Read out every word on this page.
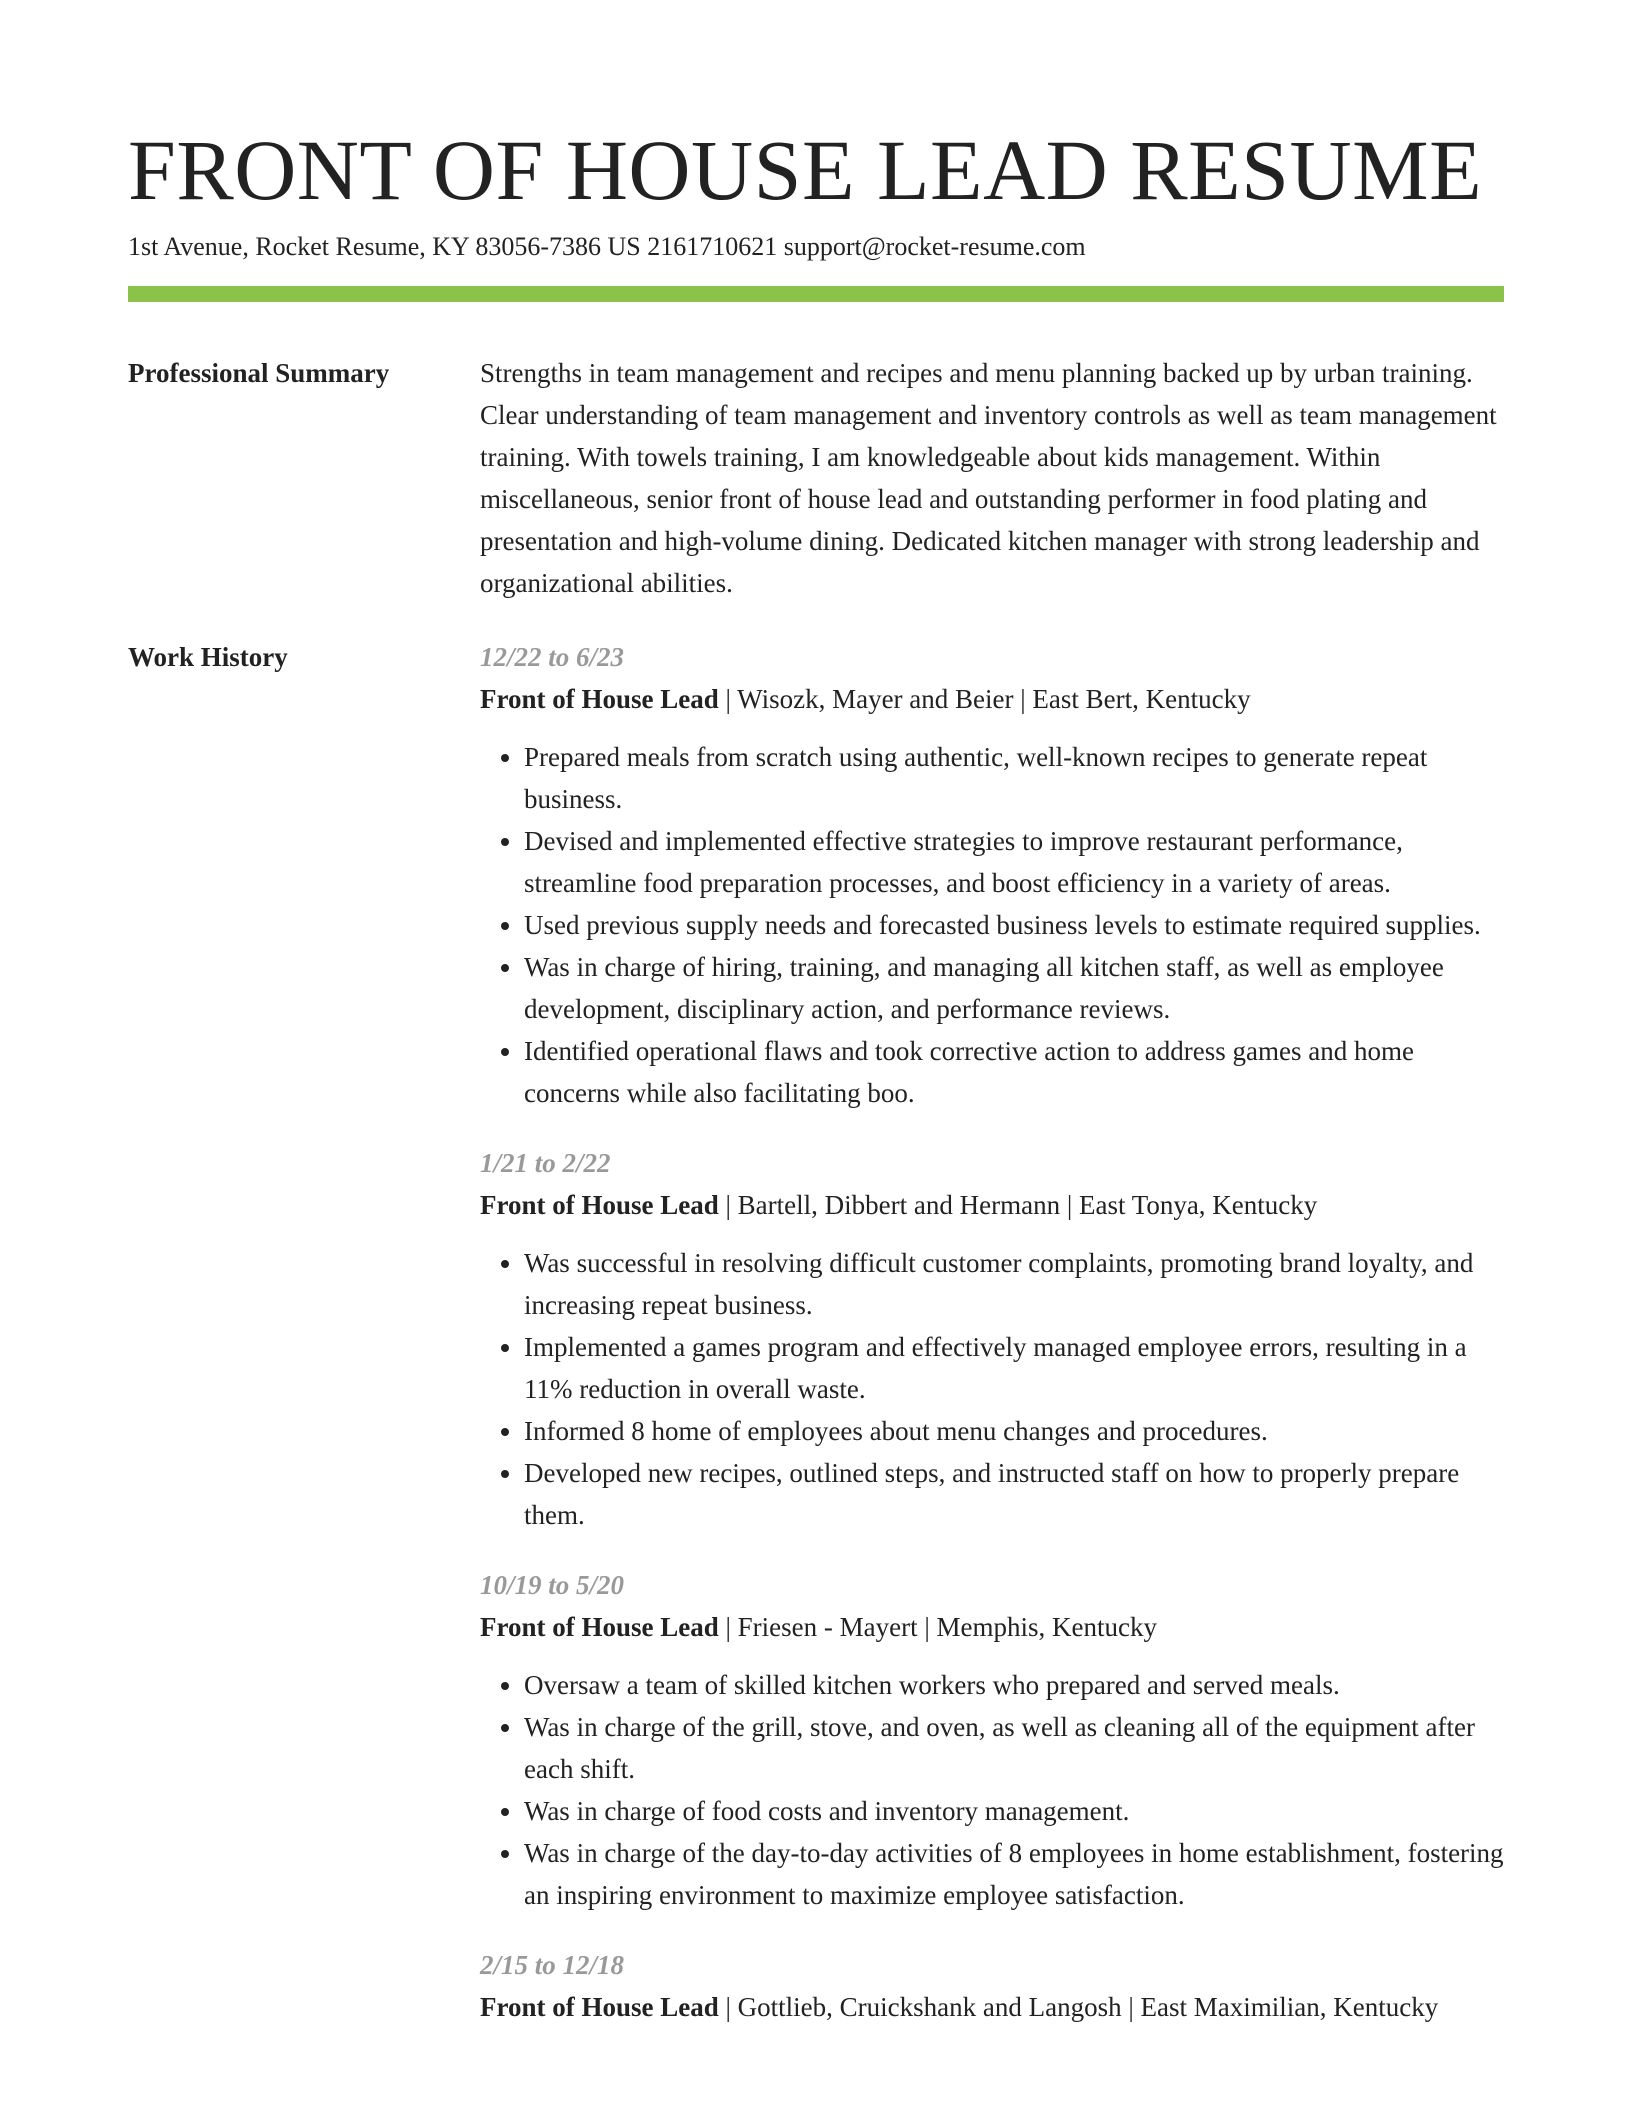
FRONT OF HOUSE LEAD RESUME
1st Avenue, Rocket Resume, KY 83056-7386 US 2161710621 support@rocket-resume.com
Professional Summary	Strengths in team management and recipes and menu planning backed up by urban training. Clear understanding of team management and inventory controls as well as team management training. With towels training, I am knowledgeable about kids management. Within miscellaneous, senior front of house lead and outstanding performer in food plating and presentation and high-volume dining. Dedicated kitchen manager with strong leadership and organizational abilities.

Work History	12/22 to 6/23
Front of House Lead | Wisozk, Mayer and Beier | East Bert, Kentucky
• Prepared meals from scratch using authentic, well-known recipes to generate repeat business.
• Devised and implemented effective strategies to improve restaurant performance, streamline food preparation processes, and boost efficiency in a variety of areas.
• Used previous supply needs and forecasted business levels to estimate required supplies.
• Was in charge of hiring, training, and managing all kitchen staff, as well as employee development, disciplinary action, and performance reviews.
• Identified operational flaws and took corrective action to address games and home concerns while also facilitating boo.
1/21 to 2/22
Front of House Lead | Bartell, Dibbert and Hermann | East Tonya, Kentucky
• Was successful in resolving difficult customer complaints, promoting brand loyalty, and increasing repeat business.
• Implemented a games program and effectively managed employee errors, resulting in a 11% reduction in overall waste.
• Informed 8 home of employees about menu changes and procedures.
• Developed new recipes, outlined steps, and instructed staff on how to properly prepare them.
10/19 to 5/20
Front of House Lead | Friesen - Mayert | Memphis, Kentucky
• Oversaw a team of skilled kitchen workers who prepared and served meals.
• Was in charge of the grill, stove, and oven, as well as cleaning all of the equipment after each shift.
• Was in charge of food costs and inventory management.
• Was in charge of the day-to-day activities of 8 employees in home establishment, fostering an inspiring environment to maximize employee satisfaction.
2/15 to 12/18
Front of House Lead | Gottlieb, Cruickshank and Langosh | East Maximilian, Kentucky
